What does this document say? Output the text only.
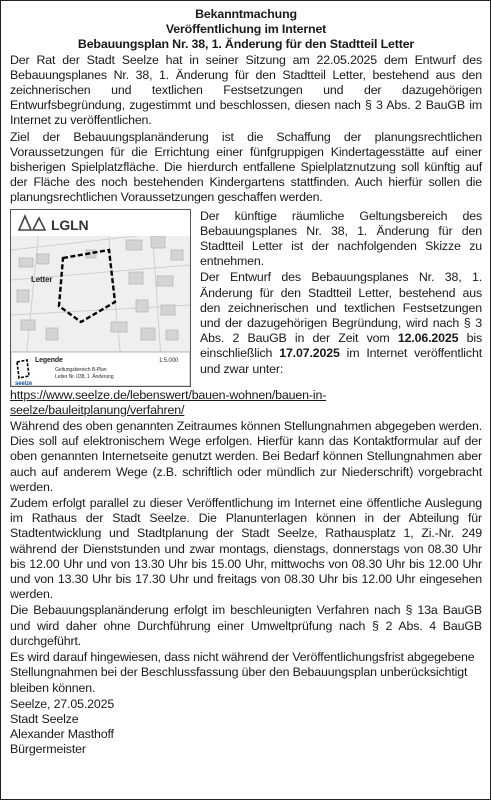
Bekanntmachung
Veröffentlichung im Internet
Bebauungsplan Nr. 38, 1. Änderung für den Stadtteil Letter

Der Rat der Stadt Seelze hat in seiner Sitzung am 22.05.2025 dem Entwurf des Bebauungsplanes Nr. 38, 1. Änderung für den Stadtteil Letter, bestehend aus den zeichnerischen und textlichen Festsetzungen und der dazugehörigen Entwurfsbegründung, zugestimmt und beschlossen, diesen nach § 3 Abs. 2 BauGB im Internet zu veröffentlichen.

Ziel der Bebauungsplanänderung ist die Schaffung der planungsrechtlichen Voraussetzungen für die Errichtung einer fünfgruppigen Kindertagesstätte auf einer bisherigen Spielplatzfläche. Die hierdurch entfallene Spielplatznutzung soll künftig auf der Fläche des noch bestehenden Kindergartens stattfinden. Auch hierfür sollen die planungsrechtlichen Voraussetzungen geschaffen werden.

LGLN
Letter
Legende
Geltungsbereich B-Plan
Letter Nr. 038, 1. Änderung
1:5.000
seelze

Der künftige räumliche Geltungsbereich des Bebauungsplanes Nr. 38, 1. Änderung für den Stadtteil Letter ist der nachfolgenden Skizze zu entnehmen.

Der Entwurf des Bebauungsplanes Nr. 38, 1. Änderung für den Stadtteil Letter, bestehend aus den zeichnerischen und textlichen Festsetzungen und der dazugehörigen Begründung, wird nach § 3 Abs. 2 BauGB in der Zeit vom 12.06.2025 bis einschließlich 17.07.2025 im Internet veröffentlicht und zwar unter:

https://www.seelze.de/lebenswert/bauen-wohnen/bauen-in-seelze/bauleitplanung/verfahren/

Während des oben genannten Zeitraumes können Stellungnahmen abgegeben werden. Dies soll auf elektronischem Wege erfolgen. Hierfür kann das Kontaktformular auf der oben genannten Internetseite genutzt werden. Bei Bedarf können Stellungnahmen aber auch auf anderem Wege (z.B. schriftlich oder mündlich zur Niederschrift) vorgebracht werden.

Zudem erfolgt parallel zu dieser Veröffentlichung im Internet eine öffentliche Auslegung im Rathaus der Stadt Seelze. Die Planunterlagen können in der Abteilung für Stadtentwicklung und Stadtplanung der Stadt Seelze, Rathausplatz 1, Zi.-Nr. 249 während der Dienststunden und zwar montags, dienstags, donnerstags von 08.30 Uhr bis 12.00 Uhr und von 13.30 Uhr bis 15.00 Uhr, mittwochs von 08.30 Uhr bis 12.00 Uhr und von 13.30 Uhr bis 17.30 Uhr und freitags von 08.30 Uhr bis 12.00 Uhr eingesehen werden.

Die Bebauungsplanänderung erfolgt im beschleunigten Verfahren nach § 13a BauGB und wird daher ohne Durchführung einer Umweltprüfung nach § 2 Abs. 4 BauGB durchgeführt.

Es wird darauf hingewiesen, dass nicht während der Veröffentlichungsfrist abgegebene Stellungnahmen bei der Beschlussfassung über den Bebauungsplan unberücksichtigt bleiben können.

Seelze, 27.05.2025

Stadt Seelze

Alexander Masthoff

Bürgermeister
